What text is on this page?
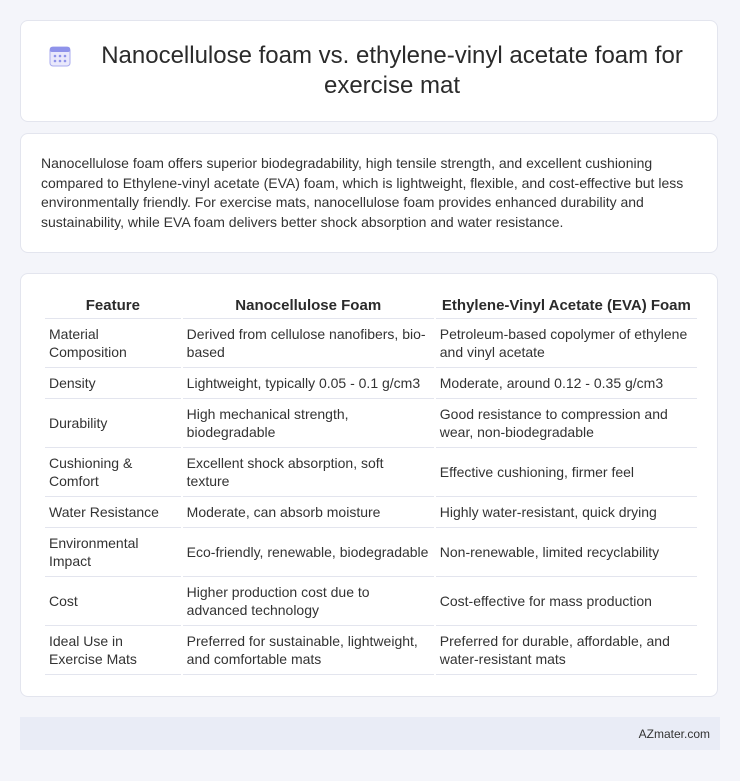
Nanocellulose foam vs. ethylene-vinyl acetate foam for exercise mat

Nanocellulose foam offers superior biodegradability, high tensile strength, and excellent cushioning compared to Ethylene-vinyl acetate (EVA) foam, which is lightweight, flexible, and cost-effective but less environmentally friendly. For exercise mats, nanocellulose foam provides enhanced durability and sustainability, while EVA foam delivers better shock absorption and water resistance.

Feature	Nanocellulose Foam	Ethylene-Vinyl Acetate (EVA) Foam
Material Composition	Derived from cellulose nanofibers, bio-based	Petroleum-based copolymer of ethylene and vinyl acetate
Density	Lightweight, typically 0.05 - 0.1 g/cm3	Moderate, around 0.12 - 0.35 g/cm3
Durability	High mechanical strength, biodegradable	Good resistance to compression and wear, non-biodegradable
Cushioning & Comfort	Excellent shock absorption, soft texture	Effective cushioning, firmer feel
Water Resistance	Moderate, can absorb moisture	Highly water-resistant, quick drying
Environmental Impact	Eco-friendly, renewable, biodegradable	Non-renewable, limited recyclability
Cost	Higher production cost due to advanced technology	Cost-effective for mass production
Ideal Use in Exercise Mats	Preferred for sustainable, lightweight, and comfortable mats	Preferred for durable, affordable, and water-resistant mats
AZmater.com
